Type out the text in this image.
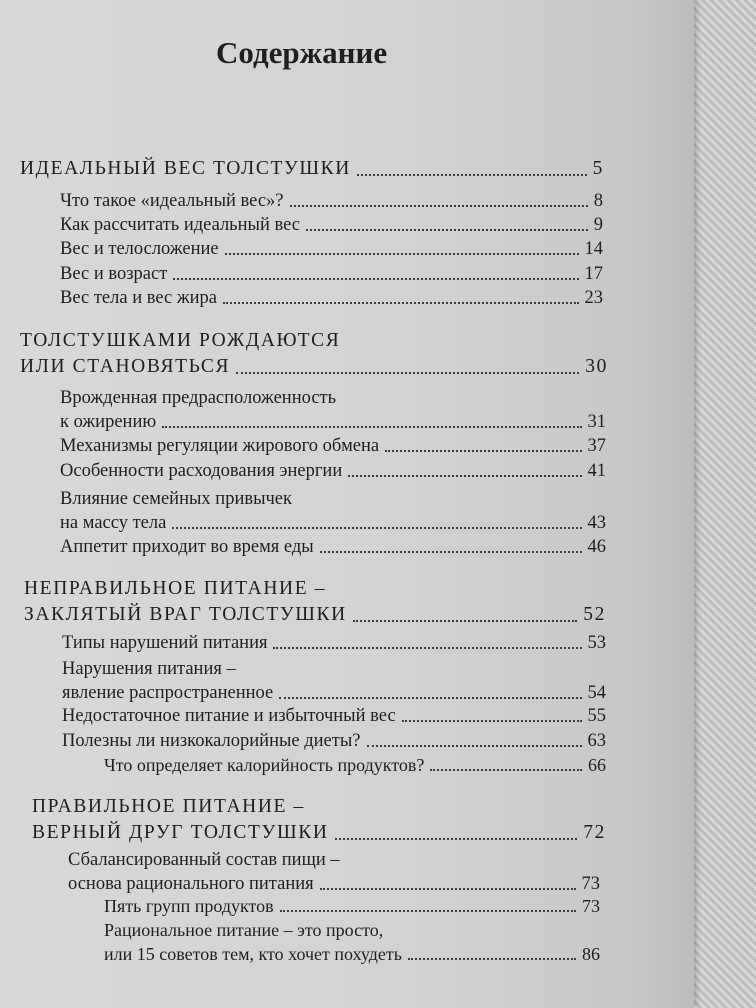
Содержание
ИДЕАЛЬНЫЙ ВЕС ТОЛСТУШКИ	5
Что такое «идеальный вес»?	8
Как рассчитать идеальный вес	9
Вес и телосложение	14
Вес и возраст	17
Вес тела и вес жира	23
ТОЛСТУШКАМИ РОЖДАЮТСЯ
ИЛИ СТАНОВЯТЬСЯ	30
Врожденная предрасположенность
к ожирению	31
Механизмы регуляции жирового обмена	37
Особенности расходования энергии	41
Влияние семейных привычек
на массу тела	43
Аппетит приходит во время еды	46
НЕПРАВИЛЬНОЕ ПИТАНИЕ –
ЗАКЛЯТЫЙ ВРАГ ТОЛСТУШКИ	52
Типы нарушений питания	53
Нарушения питания –
явление распространенное	54
Недостаточное питание и избыточный вес	55
Полезны ли низкокалорийные диеты?	63
Что определяет калорийность продуктов?	66
ПРАВИЛЬНОЕ ПИТАНИЕ –
ВЕРНЫЙ ДРУГ ТОЛСТУШКИ	72
Сбалансированный состав пищи –
основа рационального питания	73
Пять групп продуктов	73
Рациональное питание – это просто,
или 15 советов тем, кто хочет похудеть	86
